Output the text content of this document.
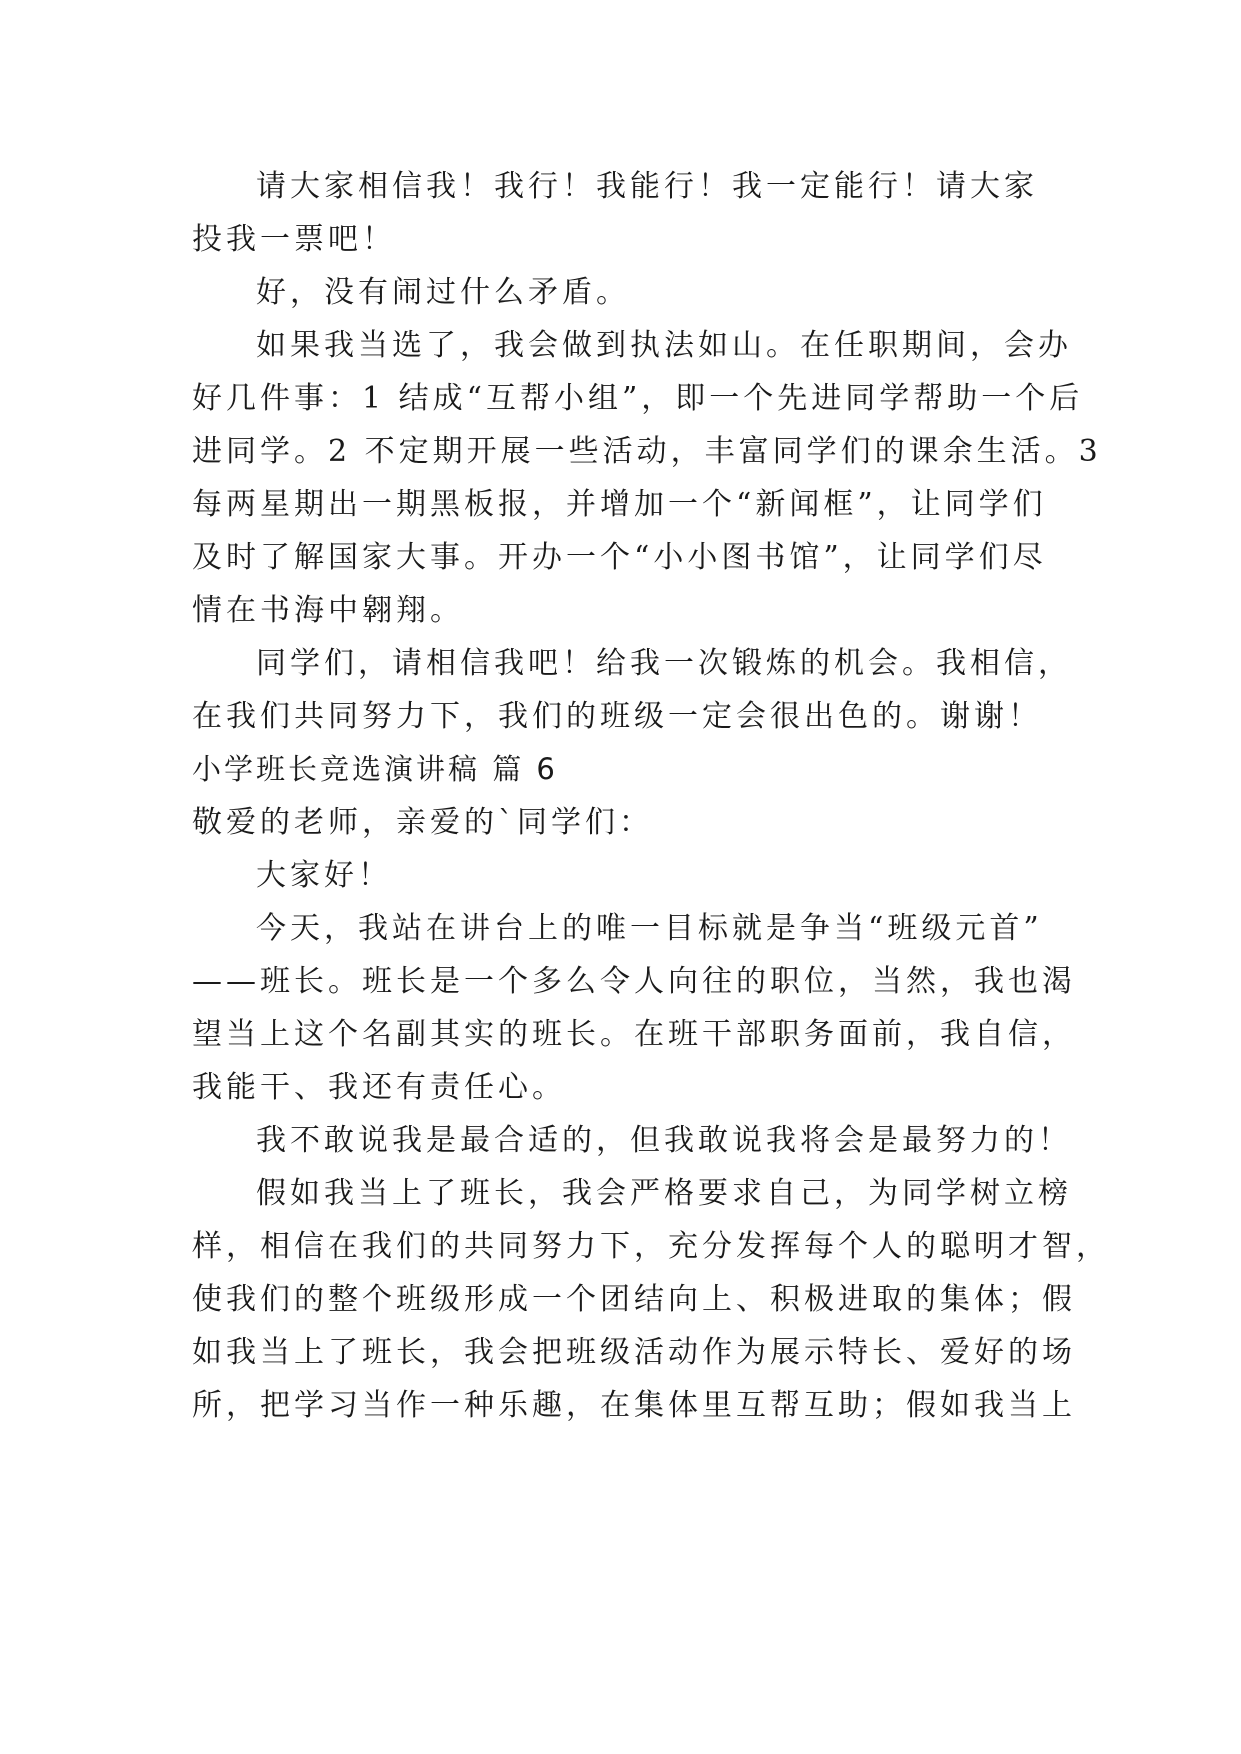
请大家相信我！我行！我能行！我一定能行！请大家
投我一票吧！
好，没有闹过什么矛盾。
如果我当选了，我会做到执法如山。在任职期间，会办
好几件事：1 结成“互帮小组”，即一个先进同学帮助一个后
进同学。2 不定期开展一些活动，丰富同学们的课余生活。3
每两星期出一期黑板报，并增加一个“新闻框”，让同学们
及时了解国家大事。开办一个“小小图书馆”，让同学们尽
情在书海中翱翔。
同学们，请相信我吧！给我一次锻炼的机会。我相信，
在我们共同努力下，我们的班级一定会很出色的。谢谢！
小学班长竞选演讲稿 篇 6
敬爱的老师，亲爱的`同学们：
大家好！
今天，我站在讲台上的唯一目标就是争当“班级元首”
——班长。班长是一个多么令人向往的职位，当然，我也渴
望当上这个名副其实的班长。在班干部职务面前，我自信，
我能干、我还有责任心。
我不敢说我是最合适的，但我敢说我将会是最努力的！
假如我当上了班长，我会严格要求自己，为同学树立榜
样，相信在我们的共同努力下，充分发挥每个人的聪明才智，
使我们的整个班级形成一个团结向上、积极进取的集体；假
如我当上了班长，我会把班级活动作为展示特长、爱好的场
所，把学习当作一种乐趣，在集体里互帮互助；假如我当上
